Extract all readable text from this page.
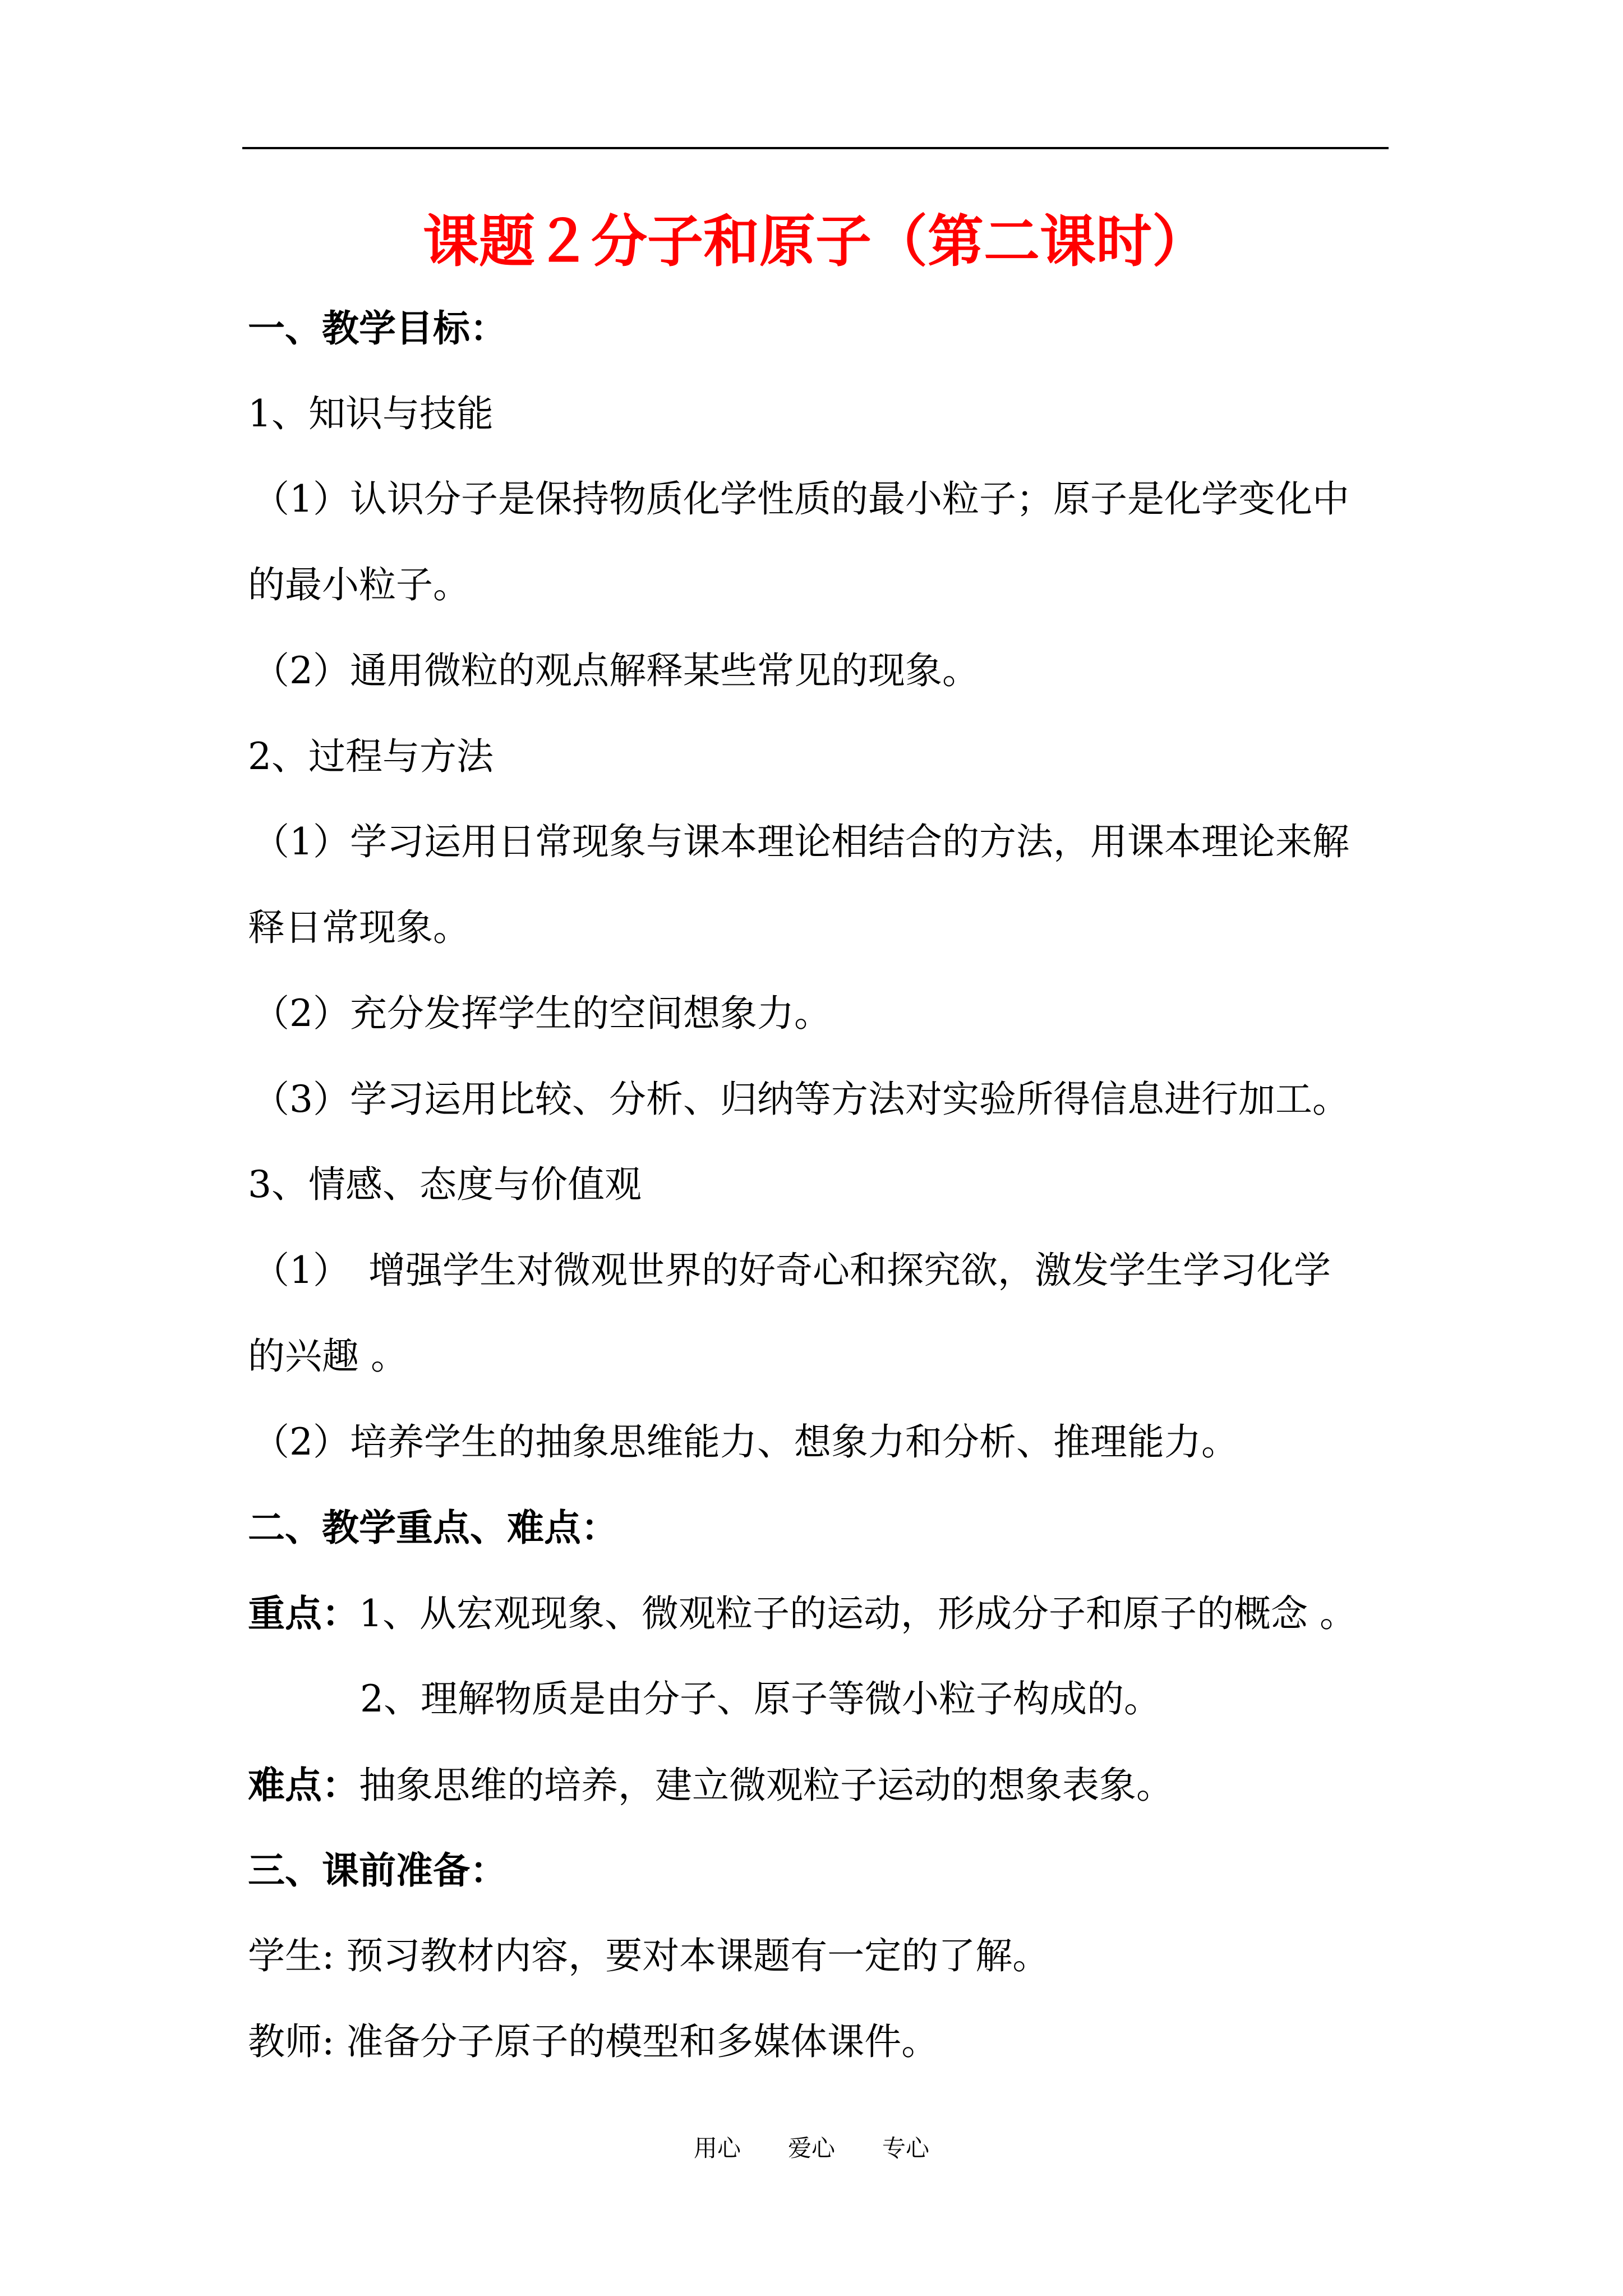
课题２分子和原子（第二课时）
一、教学目标：
1、知识与技能
（1）认识分子是保持物质化学性质的最小粒子；原子是化学变化中
的最小粒子。
（2）通用微粒的观点解释某些常见的现象。
2、过程与方法
（1）学习运用日常现象与课本理论相结合的方法，用课本理论来解
释日常现象。
（2）充分发挥学生的空间想象力。
（3）学习运用比较、分析、归纳等方法对实验所得信息进行加工。
3、情感、态度与价值观
（1）　增强学生对微观世界的好奇心和探究欲，激发学生学习化学
的兴趣 。
（2）培养学生的抽象思维能力、想象力和分析、推理能力。
二、教学重点、难点：
重点：1、从宏观现象、微观粒子的运动，形成分子和原子的概念 。
2、理解物质是由分子、原子等微小粒子构成的。
难点：抽象思维的培养，建立微观粒子运动的想象表象。
三、课前准备：
学生: 预习教材内容，要对本课题有一定的了解。
教师: 准备分子原子的模型和多媒体课件。
用心　　爱心　　专心
